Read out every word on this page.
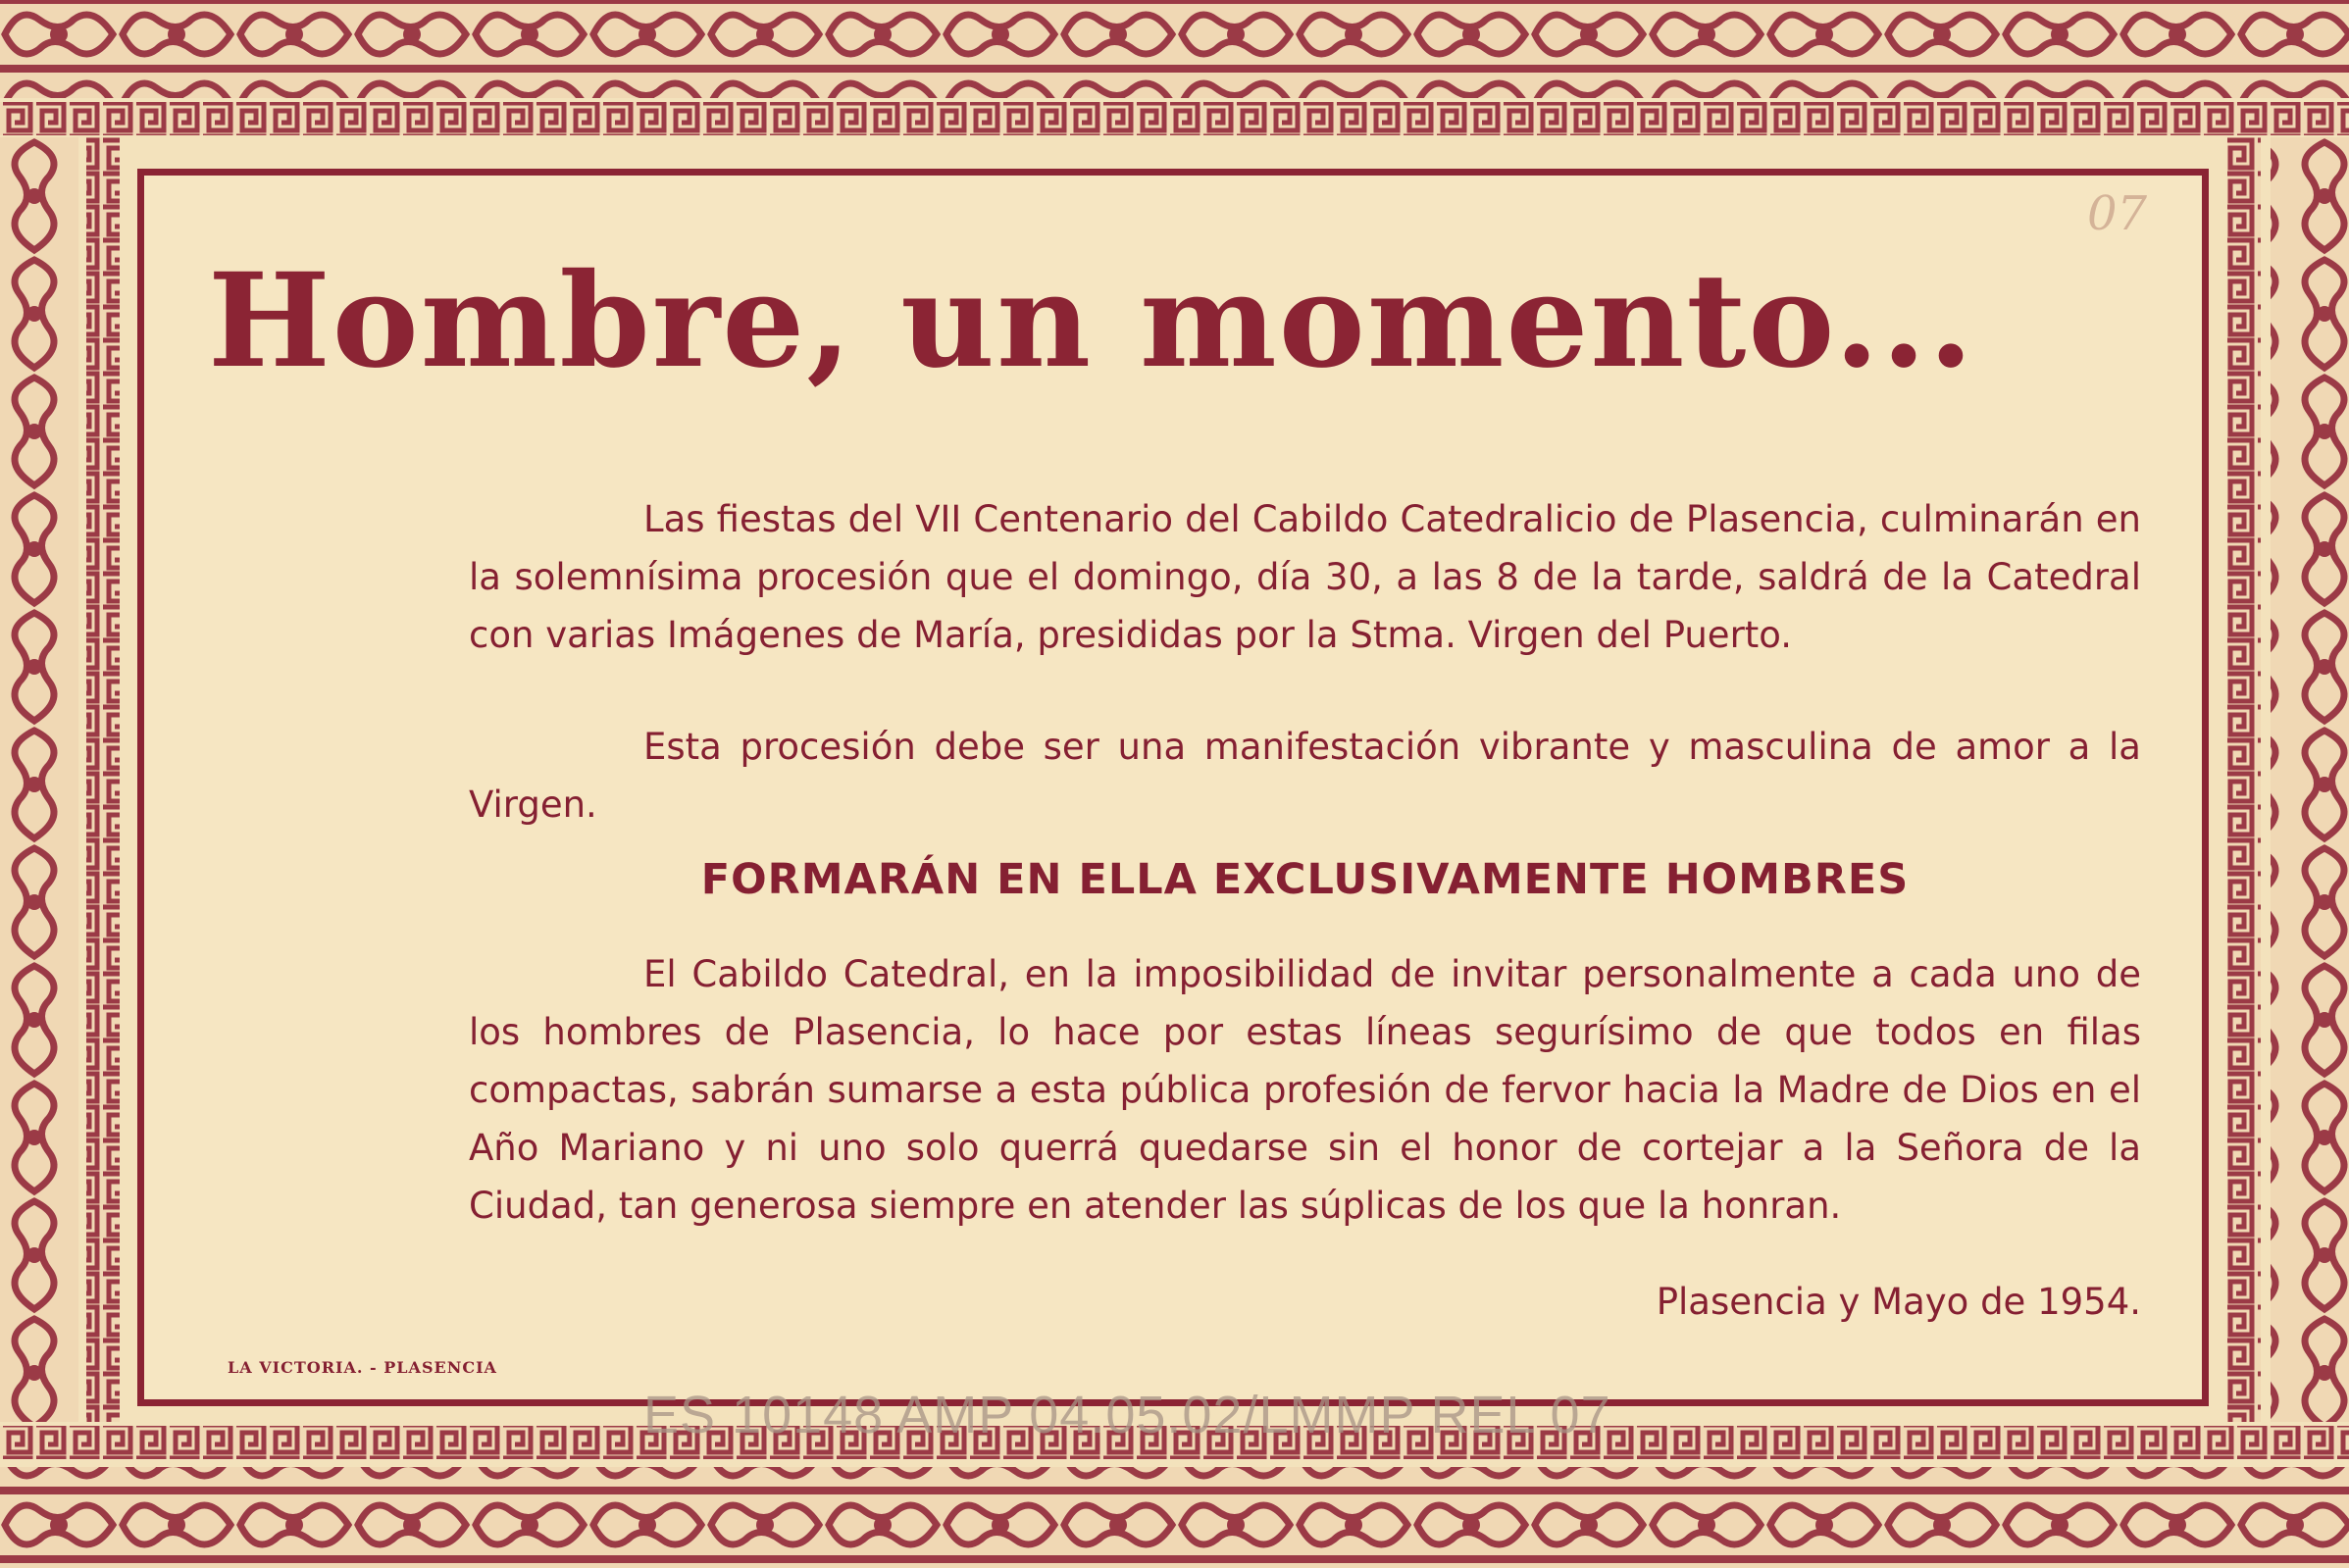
07
Hombre, un momento...

Las fiestas del VII Centenario del Cabildo Catedralicio de Plasencia, culminarán en la solemnísima procesión que el domingo, día 30, a las 8 de la tarde, saldrá de la Catedral con varias Imágenes de María, presididas por la Stma. Virgen del Puerto.

Esta procesión debe ser una manifestación vibrante y masculina de amor a la Virgen.

FORMARÁN EN ELLA EXCLUSIVAMENTE HOMBRES

El Cabildo Catedral, en la imposibilidad de invitar personalmente a cada uno de los hombres de Plasencia, lo hace por estas líneas segurísimo de que todos en filas compactas, sabrán sumarse a esta pública profesión de fervor hacia la Madre de Dios en el Año Mariano y ni uno solo querrá quedarse sin el honor de cortejar a la Señora de la Ciudad, tan generosa siempre en atender las súplicas de los que la honran.

Plasencia y Mayo de 1954.
LA VICTORIA. - PLASENCIA
ES 10148 AMP 04.05.02/LMMP REL 07
